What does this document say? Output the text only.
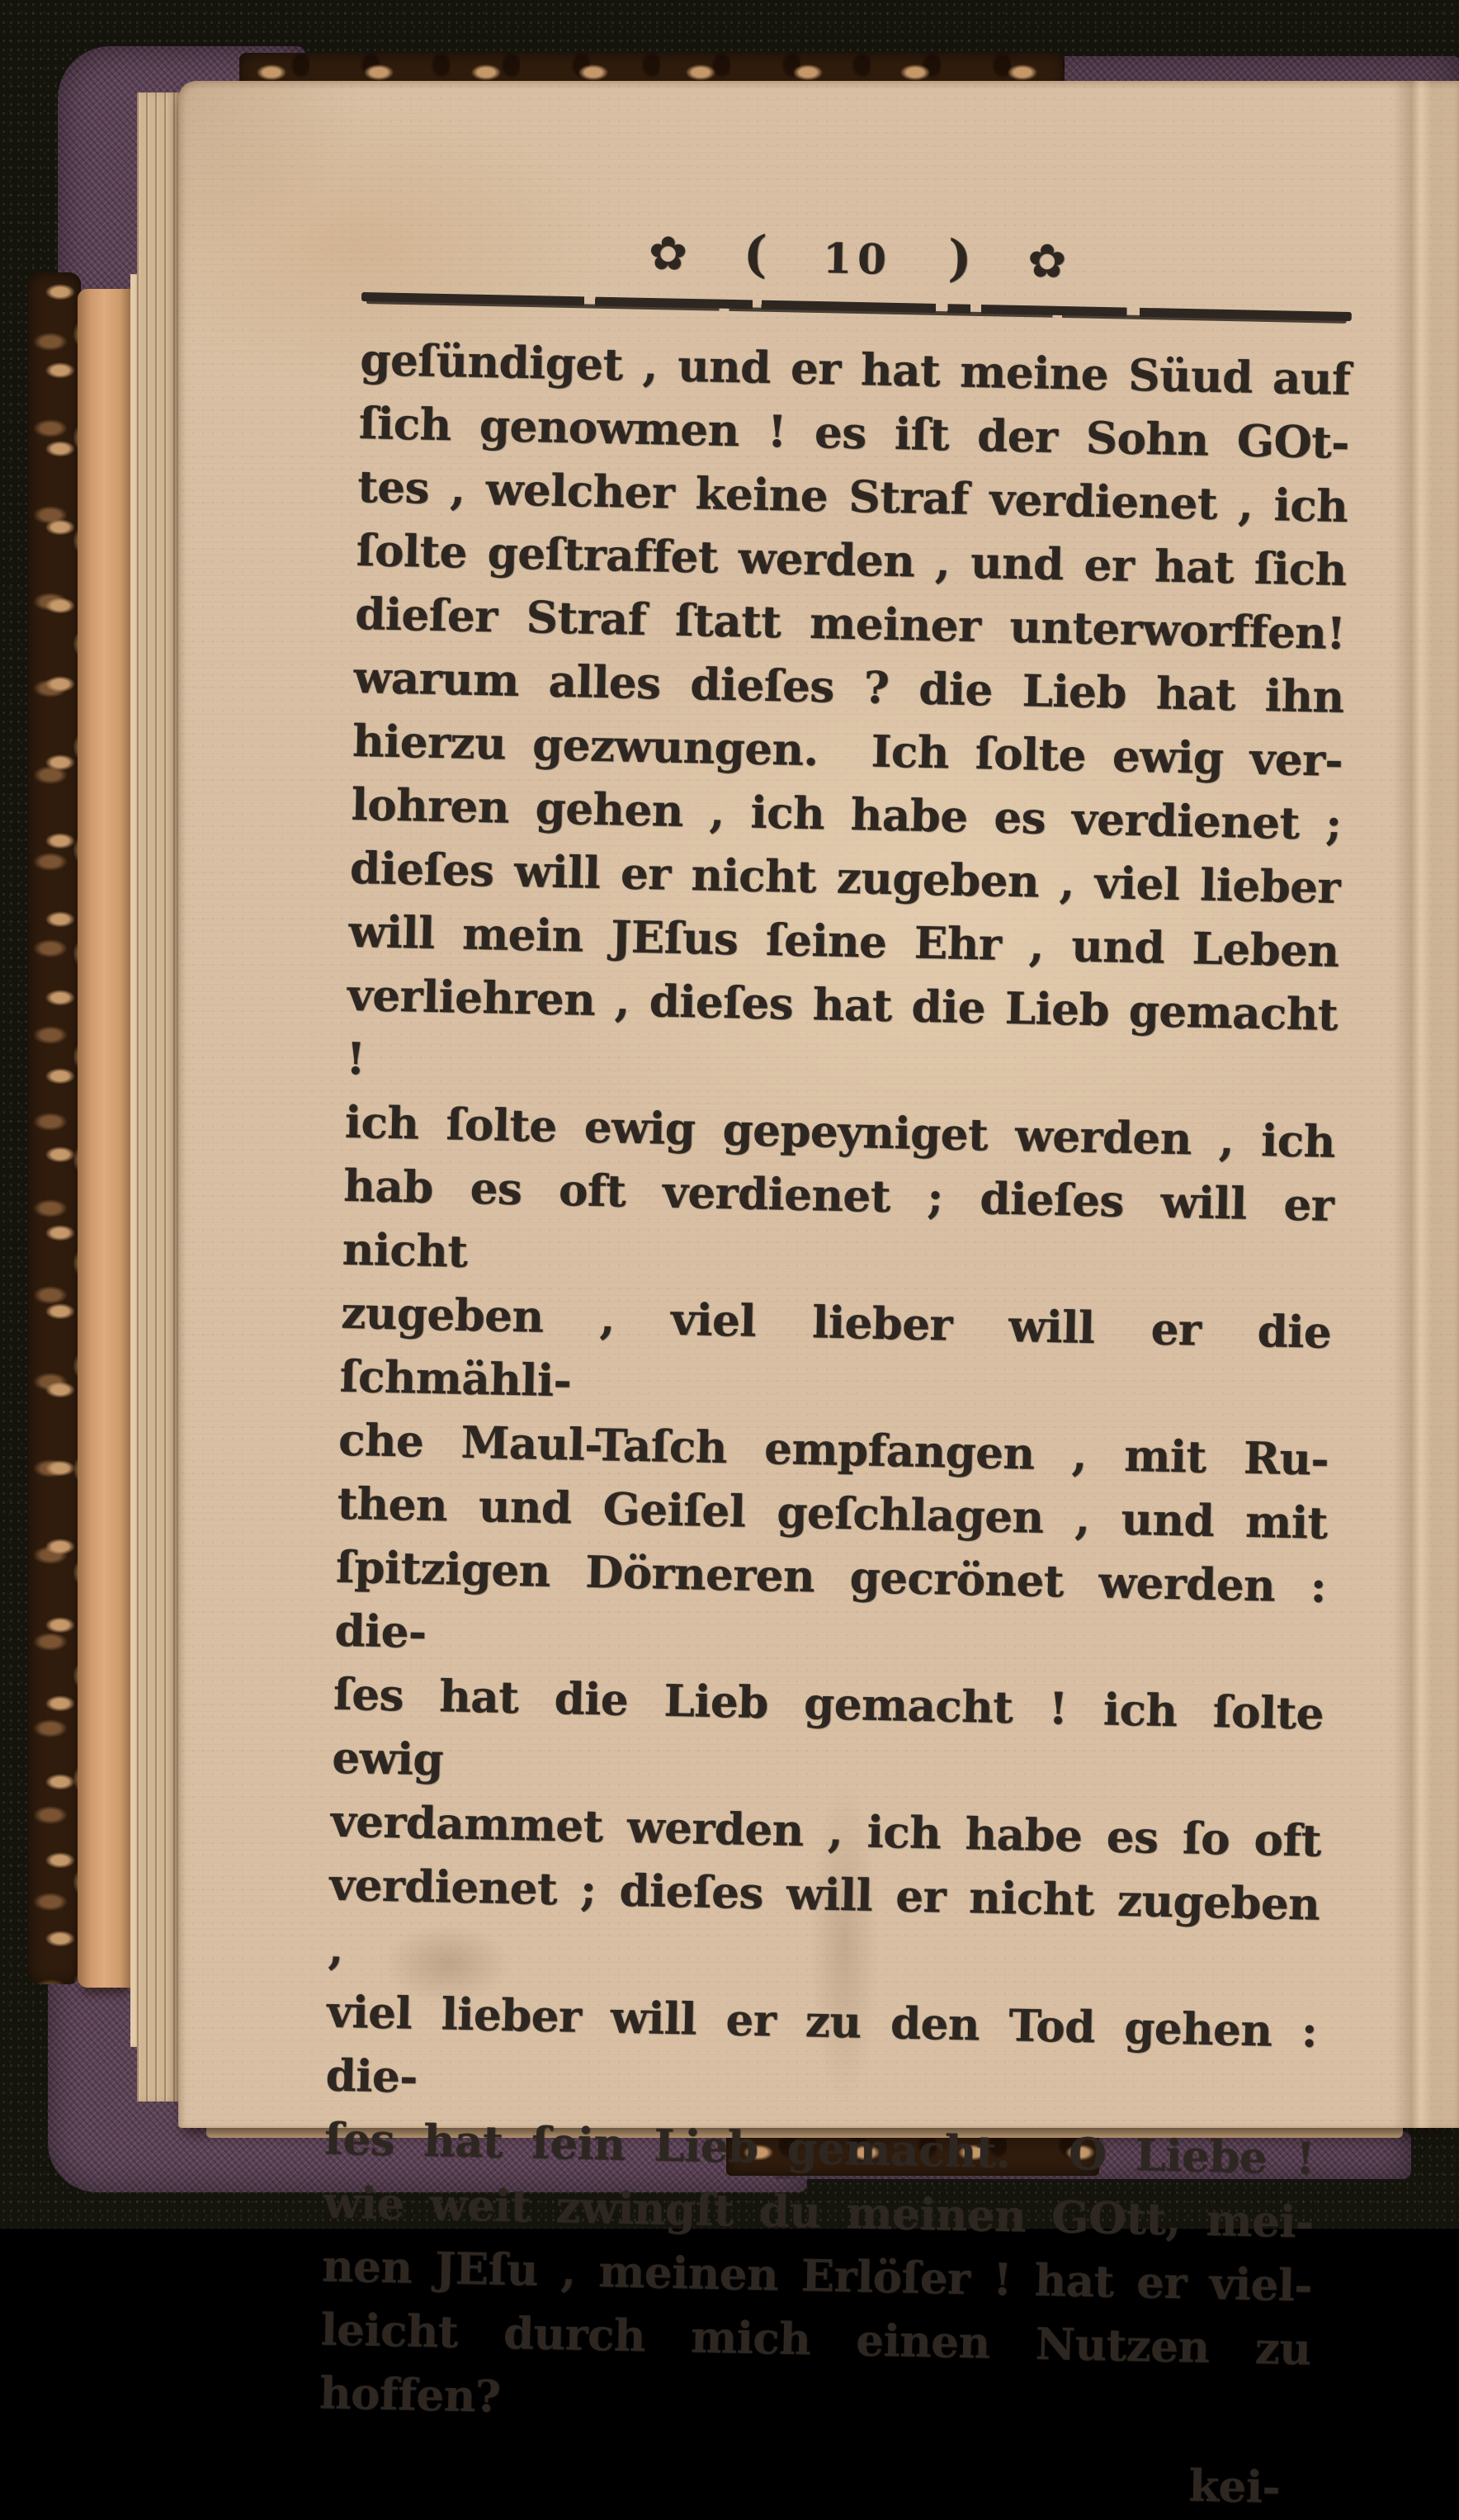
✿ ( 10 ) ✿
geſündiget , und er hat meine Süud auf
ſich genowmen ! es iſt der Sohn GOt-
tes , welcher keine Straf verdienet , ich
ſolte geſtraffet werden , und er hat ſich
dieſer Straf ſtatt meiner unterworffen!
warum alles dieſes ? die Lieb hat ihn
hierzu gezwungen.  Ich ſolte ewig ver-
lohren gehen , ich habe es verdienet ;
dieſes will er nicht zugeben , viel lieber
will mein JEſus ſeine Ehr , und Leben
verliehren , dieſes hat die Lieb gemacht !
ich ſolte ewig gepeyniget werden , ich
hab es oft verdienet ; dieſes will er nicht
zugeben , viel lieber will er die ſchmähli-
che Maul-Taſch empfangen , mit Ru-
then und Geiſel geſchlagen , und mit
ſpitzigen Dörneren gecrönet werden : die-
ſes hat die Lieb gemacht ! ich ſolte ewig
verdammet werden , ich habe es ſo oft
verdienet ; dieſes will er nicht zugeben ,
viel lieber will er zu den Tod gehen : die-
ſes hat ſein Lieb gemacht.  O Liebe !
wie weit zwingſt du meinen GOtt, mei-
nen JEſu , meinen Erlöſer ! hat er viel-
leicht durch mich einen Nutzen zu hoffen?
kei-
